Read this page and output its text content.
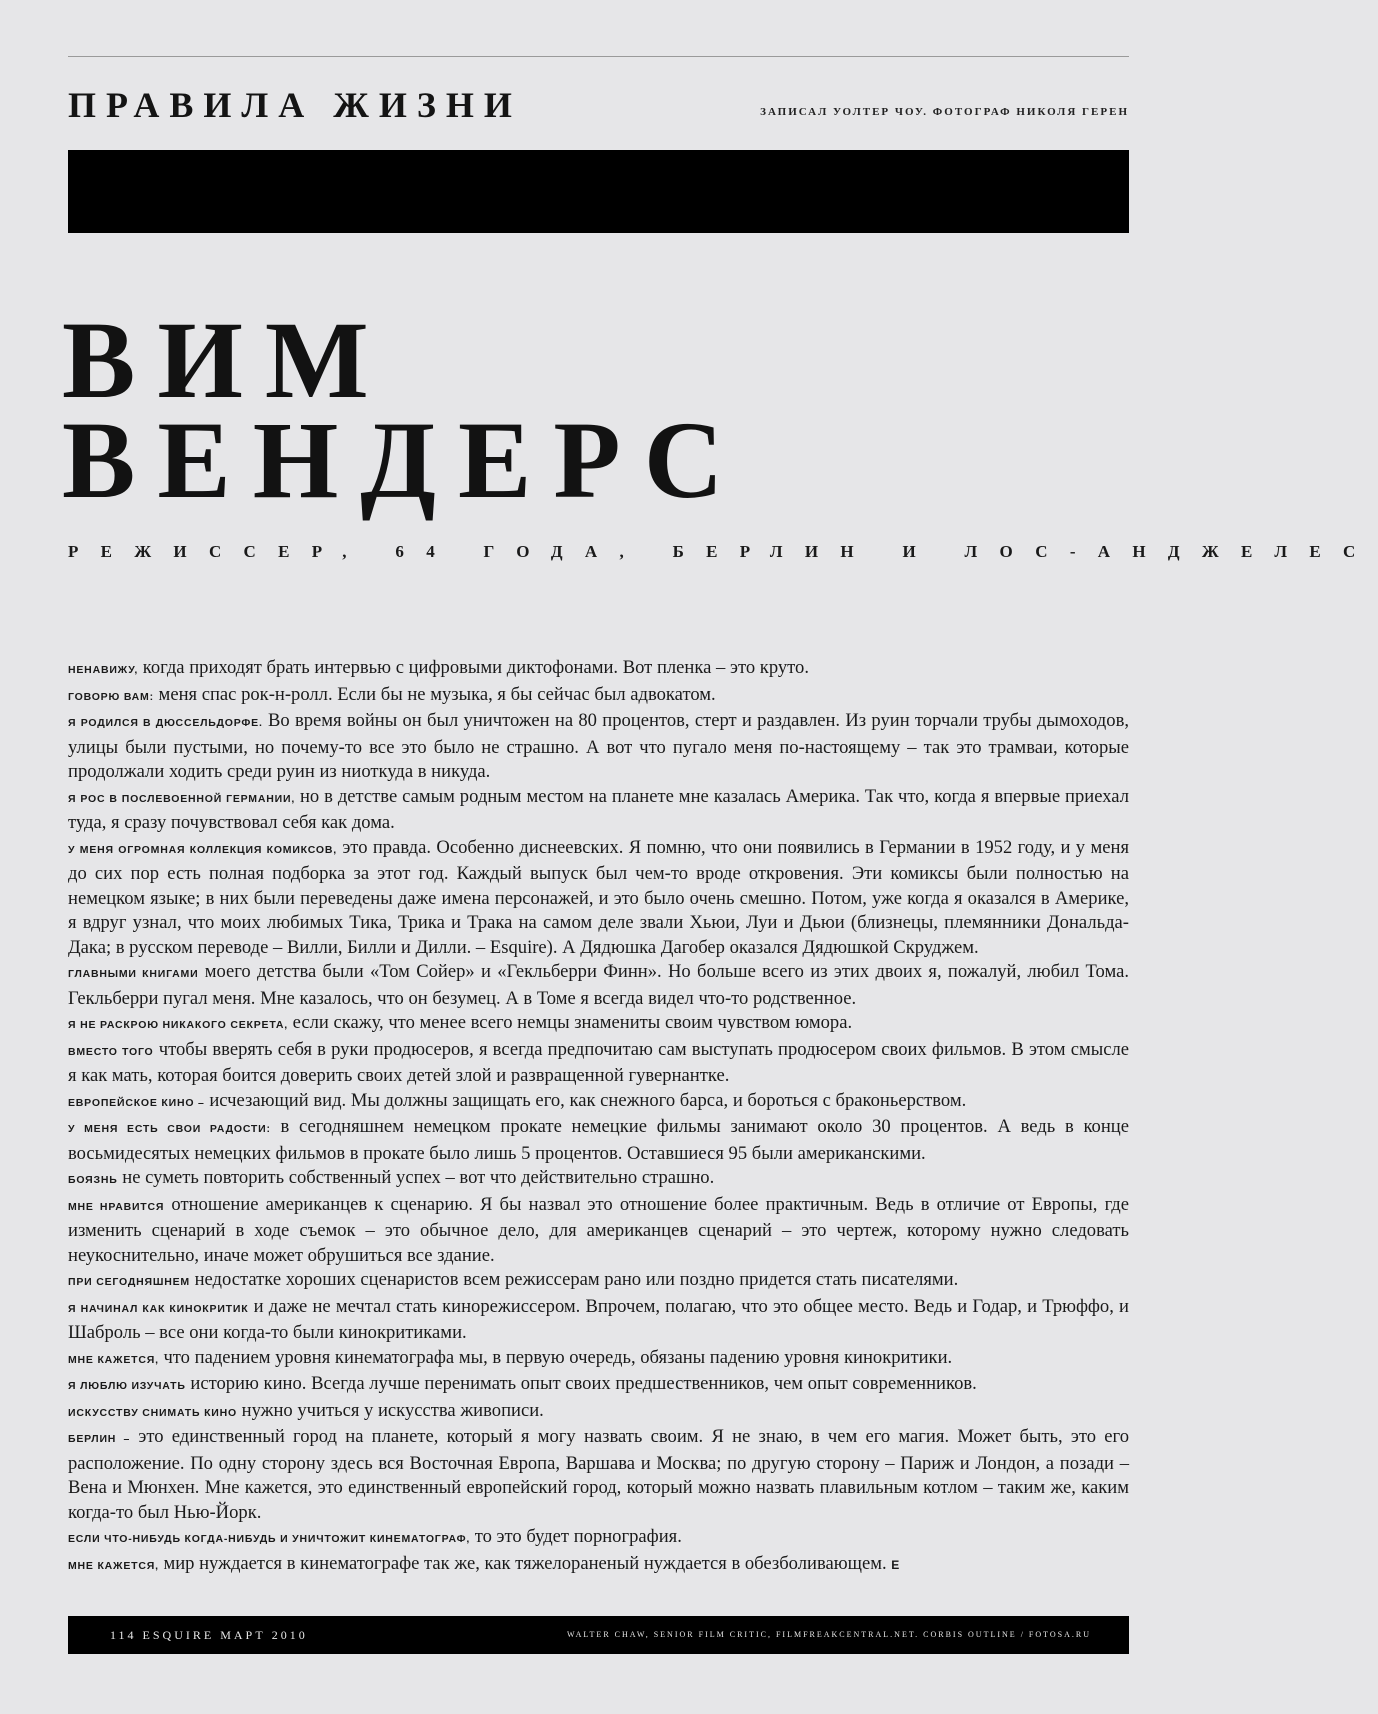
ПРАВИЛА ЖИЗНИ	ЗАПИСАЛ УОЛТЕР ЧОУ. ФОТОГРАФ НИКОЛЯ ГЕРЕН
ВИМ
ВЕНДЕРС
РЕЖИССЕР, 64 ГОДА, БЕРЛИН И ЛОС-АНДЖЕЛЕС

НЕНАВИЖУ, когда приходят брать интервью с цифровыми диктофонами. Вот пленка – это круто.

ГОВОРЮ ВАМ: меня спас рок-н-ролл. Если бы не музыка, я бы сейчас был адвокатом.

Я РОДИЛСЯ В ДЮССЕЛЬДОРФЕ. Во время войны он был уничтожен на 80 процентов, стерт и раздавлен. Из руин торчали трубы дымоходов, улицы были пустыми, но почему-то все это было не страшно. А вот что пугало меня по-настоящему – так это трамваи, которые продолжали ходить среди руин из ниоткуда в никуда.

Я РОС В ПОСЛЕВОЕННОЙ ГЕРМАНИИ, но в детстве самым родным местом на планете мне казалась Америка. Так что, когда я впервые приехал туда, я сразу почувствовал себя как дома.

У МЕНЯ ОГРОМНАЯ КОЛЛЕКЦИЯ КОМИКСОВ, это правда. Особенно диснеевских. Я помню, что они появились в Германии в 1952 году, и у меня до сих пор есть полная подборка за этот год. Каждый выпуск был чем-то вроде откровения. Эти комиксы были полностью на немецком языке; в них были переведены даже имена персонажей, и это было очень смешно. Потом, уже когда я оказался в Америке, я вдруг узнал, что моих любимых Тика, Трика и Трака на самом деле звали Хьюи, Луи и Дьюи (близнецы, племянники Дональда-Дака; в русском переводе – Вилли, Билли и Дилли. – Esquire). А Дядюшка Дагобер оказался Дядюшкой Скруджем.

ГЛАВНЫМИ КНИГАМИ моего детства были «Том Сойер» и «Гекльберри Финн». Но больше всего из этих двоих я, пожалуй, любил Тома. Гекльберри пугал меня. Мне казалось, что он безумец. А в Томе я всегда видел что-то родственное.

Я НЕ РАСКРОЮ НИКАКОГО СЕКРЕТА, если скажу, что менее всего немцы знамениты своим чувством юмора.

ВМЕСТО ТОГО чтобы вверять себя в руки продюсеров, я всегда предпочитаю сам выступать продюсером своих фильмов. В этом смысле я как мать, которая боится доверить своих детей злой и развращенной гувернантке.

ЕВРОПЕЙСКОЕ КИНО – исчезающий вид. Мы должны защищать его, как снежного барса, и бороться с браконьерством.

У МЕНЯ ЕСТЬ СВОИ РАДОСТИ: в сегодняшнем немецком прокате немецкие фильмы занимают около 30 процентов. А ведь в конце восьмидесятых немецких фильмов в прокате было лишь 5 процентов. Оставшиеся 95 были американскими.

БОЯЗНЬ не суметь повторить собственный успех – вот что действительно страшно.

МНЕ НРАВИТСЯ отношение американцев к сценарию. Я бы назвал это отношение более практичным. Ведь в отличие от Европы, где изменить сценарий в ходе съемок – это обычное дело, для американцев сценарий – это чертеж, которому нужно следовать неукоснительно, иначе может обрушиться все здание.

ПРИ СЕГОДНЯШНЕМ недостатке хороших сценаристов всем режиссерам рано или поздно придется стать писателями.

Я НАЧИНАЛ КАК КИНОКРИТИК и даже не мечтал стать кинорежиссером. Впрочем, полагаю, что это общее место. Ведь и Годар, и Трюффо, и Шаброль – все они когда-то были кинокритиками.

МНЕ КАЖЕТСЯ, что падением уровня кинематографа мы, в первую очередь, обязаны падению уровня кинокритики.

Я ЛЮБЛЮ ИЗУЧАТЬ историю кино. Всегда лучше перенимать опыт своих предшественников, чем опыт современников.

ИСКУССТВУ СНИМАТЬ КИНО нужно учиться у искусства живописи.

БЕРЛИН – это единственный город на планете, который я могу назвать своим. Я не знаю, в чем его магия. Может быть, это его расположение. По одну сторону здесь вся Восточная Европа, Варшава и Москва; по другую сторону – Париж и Лондон, а позади – Вена и Мюнхен. Мне кажется, это единственный европейский город, который можно назвать плавильным котлом – таким же, каким когда-то был Нью-Йорк.

ЕСЛИ ЧТО-НИБУДЬ КОГДА-НИБУДЬ И УНИЧТОЖИТ КИНЕМАТОГРАФ, то это будет порнография.

МНЕ КАЖЕТСЯ, мир нуждается в кинематографе так же, как тяжелораненый нуждается в обезболивающем. E

114 ESQUIRE МАРТ 2010	WALTER CHAW, SENIOR FILM CRITIC, FILMFREAKCENTRAL.NET. CORBIS OUTLINE / FOTOSA.RU
